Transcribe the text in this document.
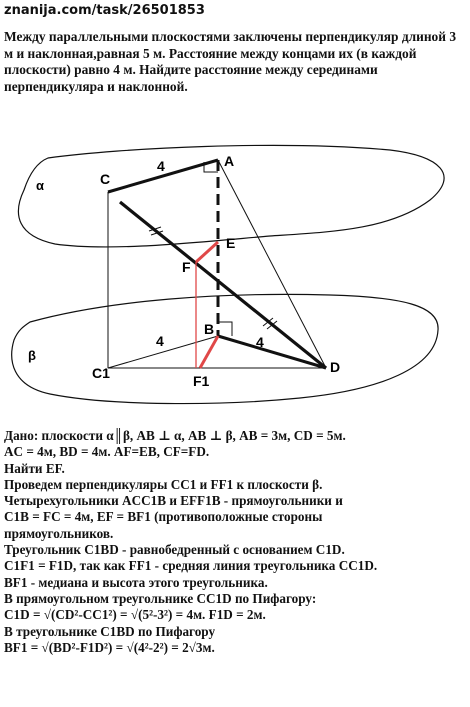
znanija.com/task/26501853

Между параллельными плоскостями заключены перпендикуляр длиной 3 м и наклонная,равная 5 м. Расстояние между концами их (в каждой плоскости) равно 4 м. Найдите расстояние между серединами перпендикуляра и наклонной.

α
β
A
C
E
F
B
C1	F1
D
4
4	4
Дано: плоскости α║β, AB ⊥ α, AB ⊥ β, AB = 3м, CD = 5м.
AC = 4м, BD = 4м. AF=EB, CF=FD.
Найти EF.
Проведем перпендикуляры CC1 и FF1 к плоскости β.
Четырехугольники ACC1B и EFF1B - прямоугольники и
C1B = FC = 4м, EF = BF1 (противоположные стороны
прямоугольников.
Треугольник C1BD - равнобедренный с основанием C1D.
C1F1 = F1D, так как FF1 - средняя линия треугольника CC1D.
BF1 - медиана и высота этого треугольника.
В прямоугольном треугольнике CC1D по Пифагору:
C1D = √(CD²-CC1²) = √(5²-3²) = 4м. F1D = 2м.
В треугольнике C1BD по Пифагору
BF1 = √(BD²-F1D²) = √(4²-2²) = 2√3м.
